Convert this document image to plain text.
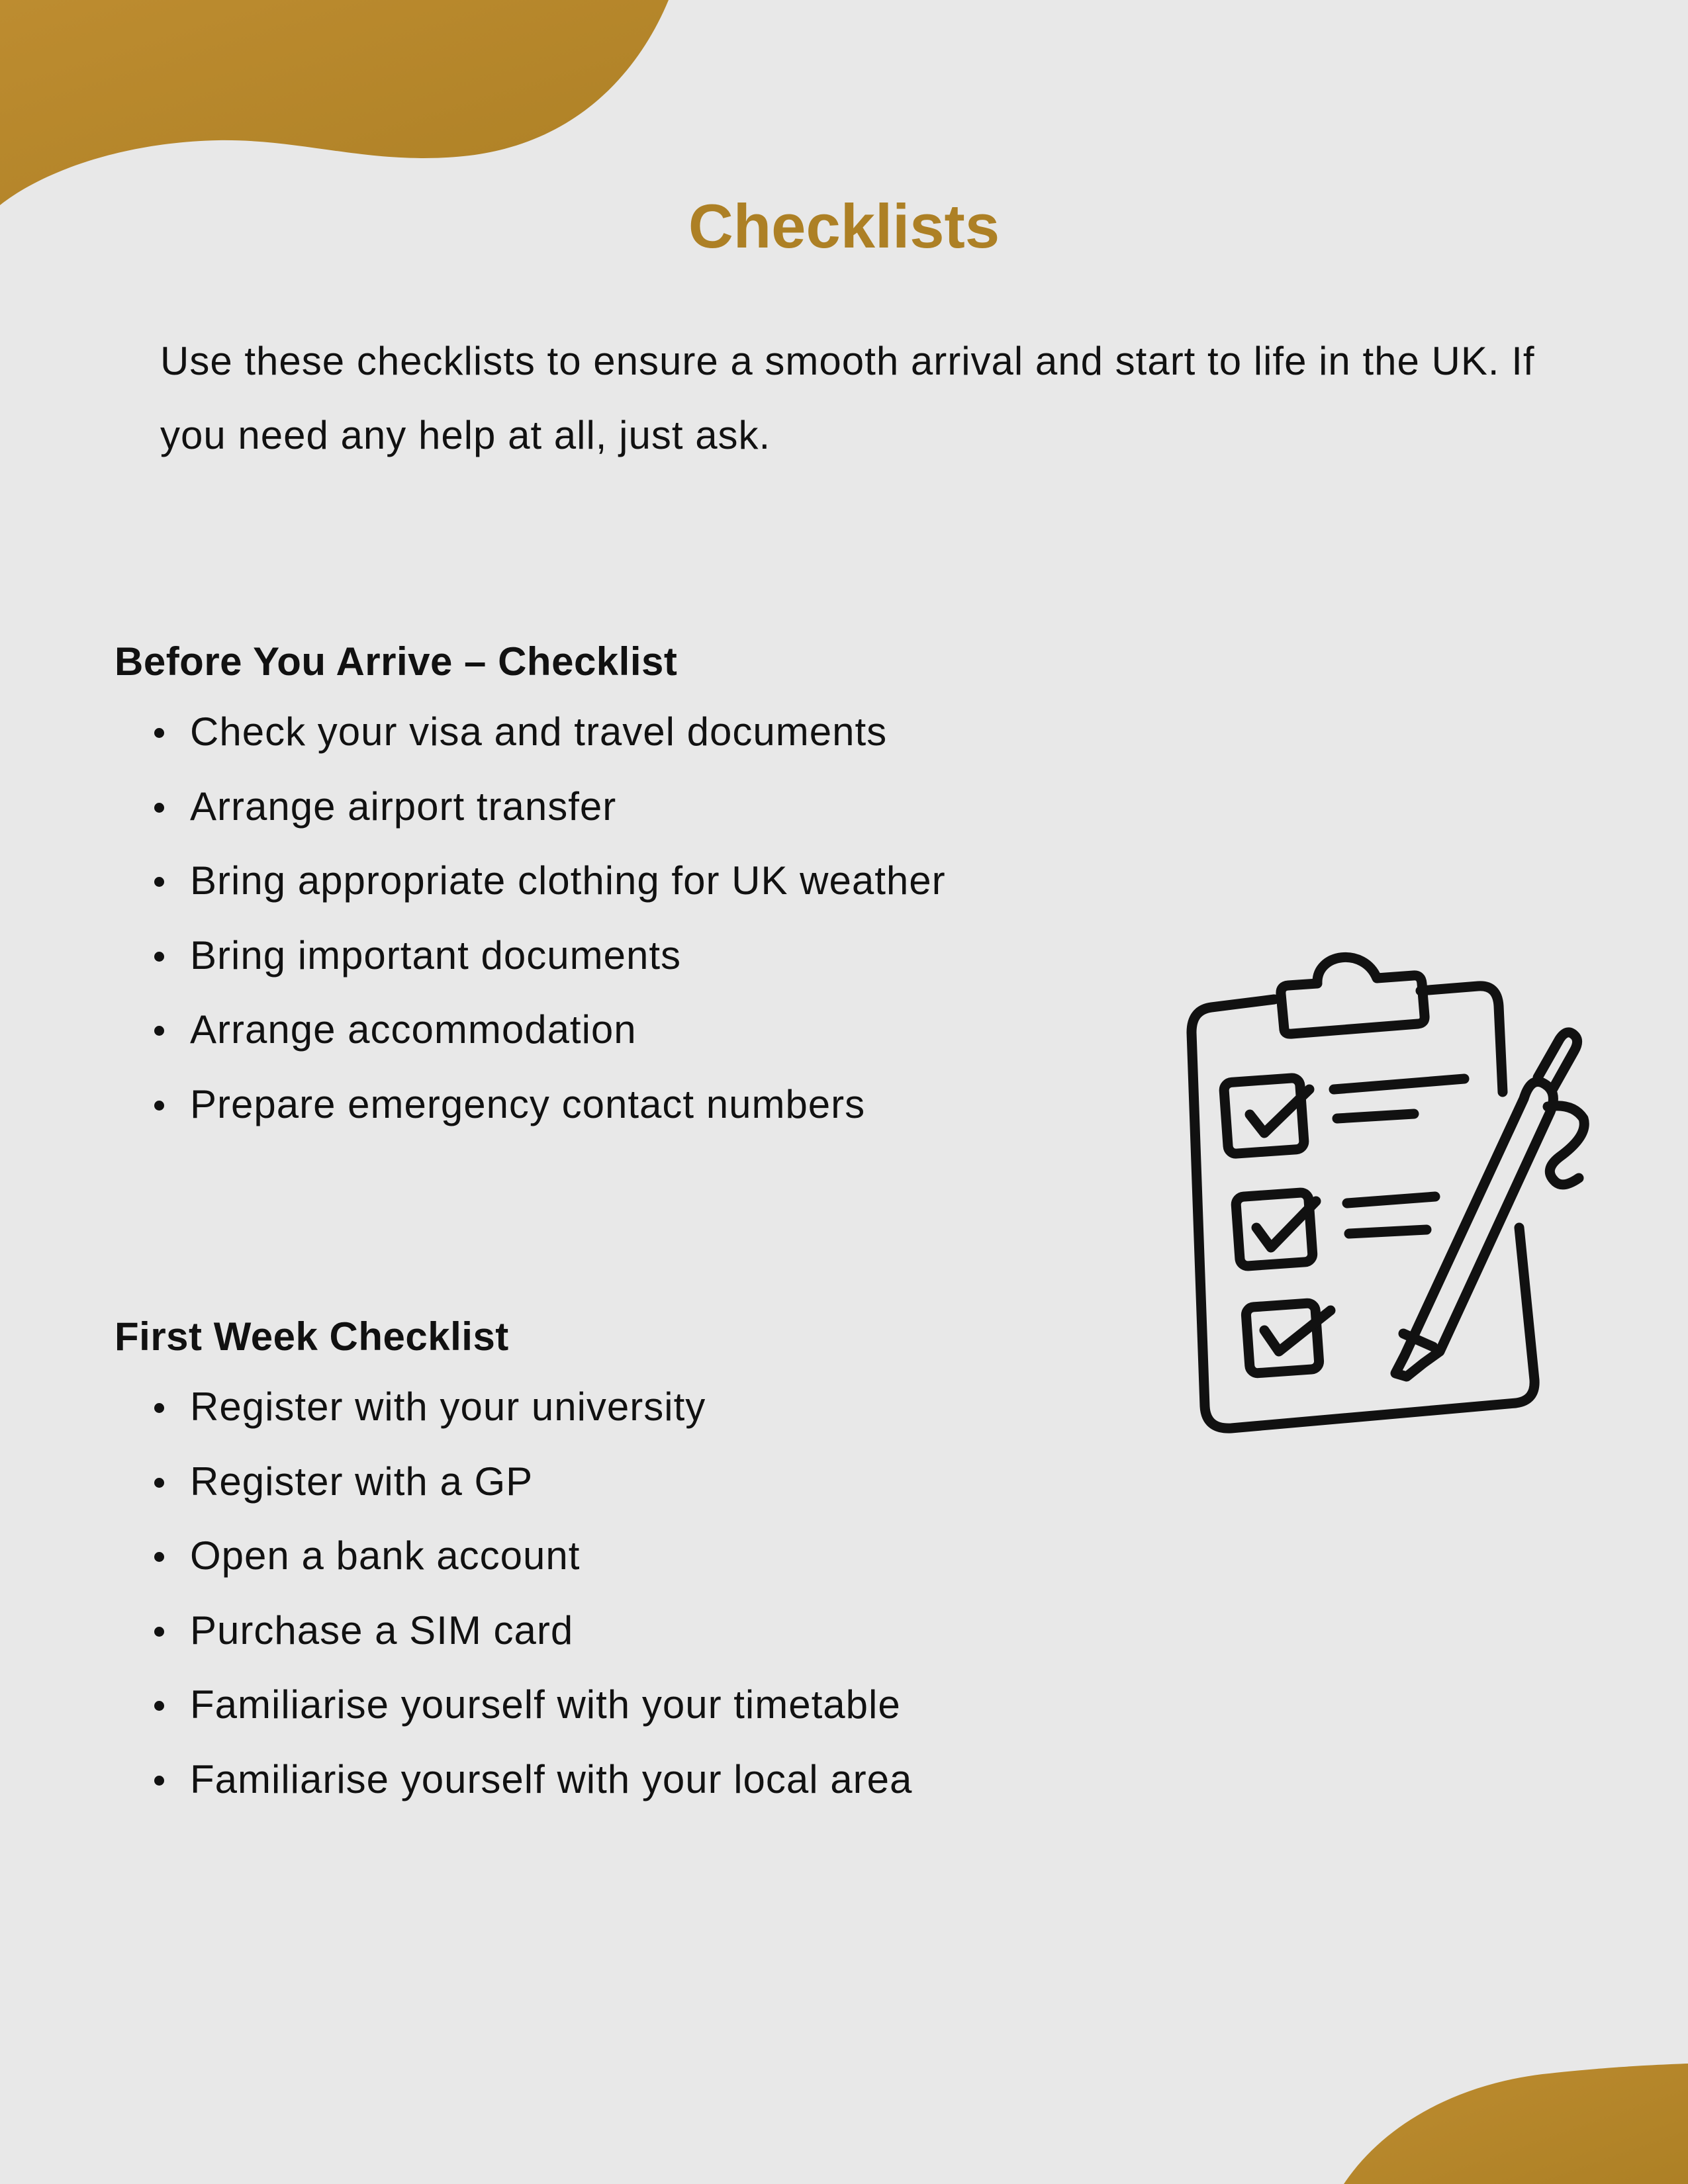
Checklists

Use these checklists to ensure a smooth arrival and start to life in the UK. If you need any help at all, just ask.

Before You Arrive – Checklist
Check your visa and travel documents
Arrange airport transfer
Bring appropriate clothing for UK weather
Bring important documents
Arrange accommodation
Prepare emergency contact numbers
First Week Checklist
Register with your university
Register with a GP
Open a bank account
Purchase a SIM card
Familiarise yourself with your timetable
Familiarise yourself with your local area
